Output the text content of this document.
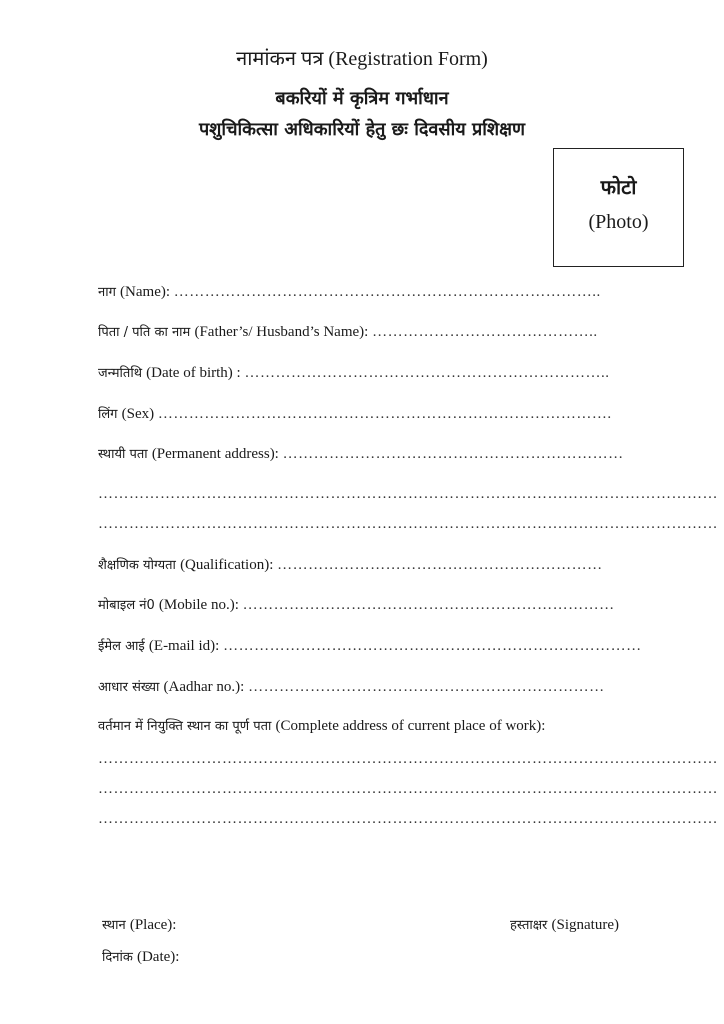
नामांकन पत्र (Registration Form)
बकरियों में कृत्रिम गर्भाधान
पशुचिकित्सा अधिकारियों हेतु छः दिवसीय प्रशिक्षण
फोटो
(Photo)
नाग (Name): ………………………………………………………………………..
पिता / पति का नाम (Father’s/ Husband’s Name): ……………………………………..
जन्मतिथि (Date of birth) : ……………………………………………………………..
लिंग (Sex) …………………………………………………………………………….
स्थायी पता (Permanent address): …………………………………………………………
…………………………………………………………………………………………………………
…………………………………………………………………………………………………………
शैक्षणिक योग्यता (Qualification): ………………………………………………………
मोबाइल नं0 (Mobile no.): ………………………………………………………………
ईमेल आई (E-mail id): ………………………………………………………………………
आधार संख्या (Aadhar no.): ……………………………………………………………
वर्तमान में नियुक्ति स्थान का पूर्ण पता (Complete address of current place of work):
…………………………………………………………………………………………………………
…………………………………………………………………………………………………………
…………………………………………………………………………………………………………
स्थान (Place):
दिनांक (Date):
हस्ताक्षर (Signature)
